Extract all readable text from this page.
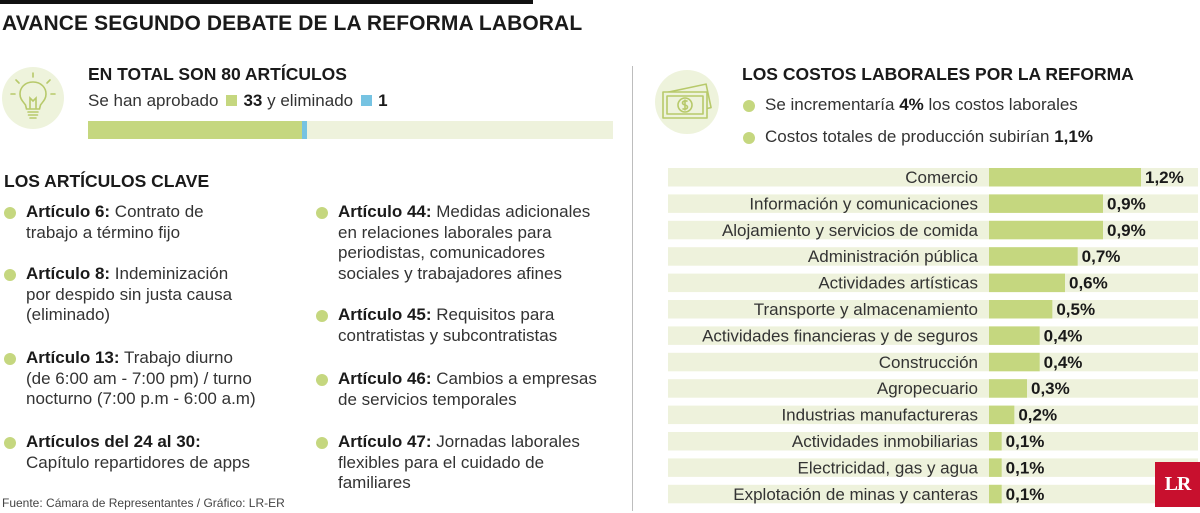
AVANCE SEGUNDO DEBATE DE LA REFORMA LABORAL
EN TOTAL SON 80 ARTÍCULOS
Se han aprobado 33 y eliminado 1
LOS ARTÍCULOS CLAVE
Artículo 6: Contrato de
trabajo a término fijo
Artículo 8: Indeminización
por despido sin justa causa
(eliminado)
Artículo 13: Trabajo diurno
(de 6:00 am - 7:00 pm) / turno
nocturno (7:00 p.m - 6:00 a.m)
Artículos del 24 al 30:
Capítulo repartidores de apps
Artículo 44: Medidas adicionales
en relaciones laborales para
periodistas, comunicadores
sociales y trabajadores afines
Artículo 45: Requisitos para
contratistas y subcontratistas
Artículo 46: Cambios a empresas
de servicios temporales
Artículo 47: Jornadas laborales
flexibles para el cuidado de
familiares
Fuente: Cámara de Representantes / Gráfico: LR-ER
LOS COSTOS LABORALES POR LA REFORMA
Se incrementaría 4% los costos laborales
Costos totales de producción subirían 1,1%
Comercio	1,2%
Información y comunicaciones	0,9%
Alojamiento y servicios de comida	0,9%
Administración pública	0,7%
Actividades artísticas	0,6%
Transporte y almacenamiento	0,5%
Actividades financieras y de seguros	0,4%
Construcción	0,4%
Agropecuario	0,3%
Industrias manufactureras 0,2%
Actividades inmobiliarias 0,1%
Electricidad, gas y agua 0,1%
Explotación de minas y canteras 0,1%	LR
